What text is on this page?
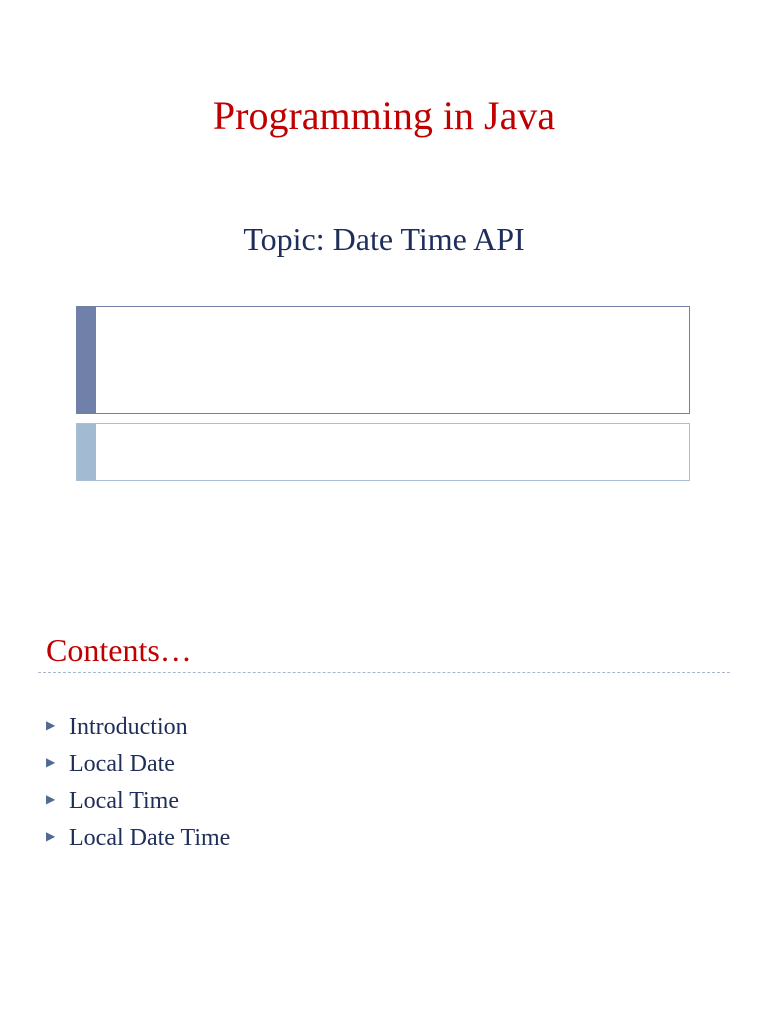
Programming in Java
Topic: Date Time API
Contents…
▶ Introduction
▶ Local Date
▶ Local Time
▶ Local Date Time
